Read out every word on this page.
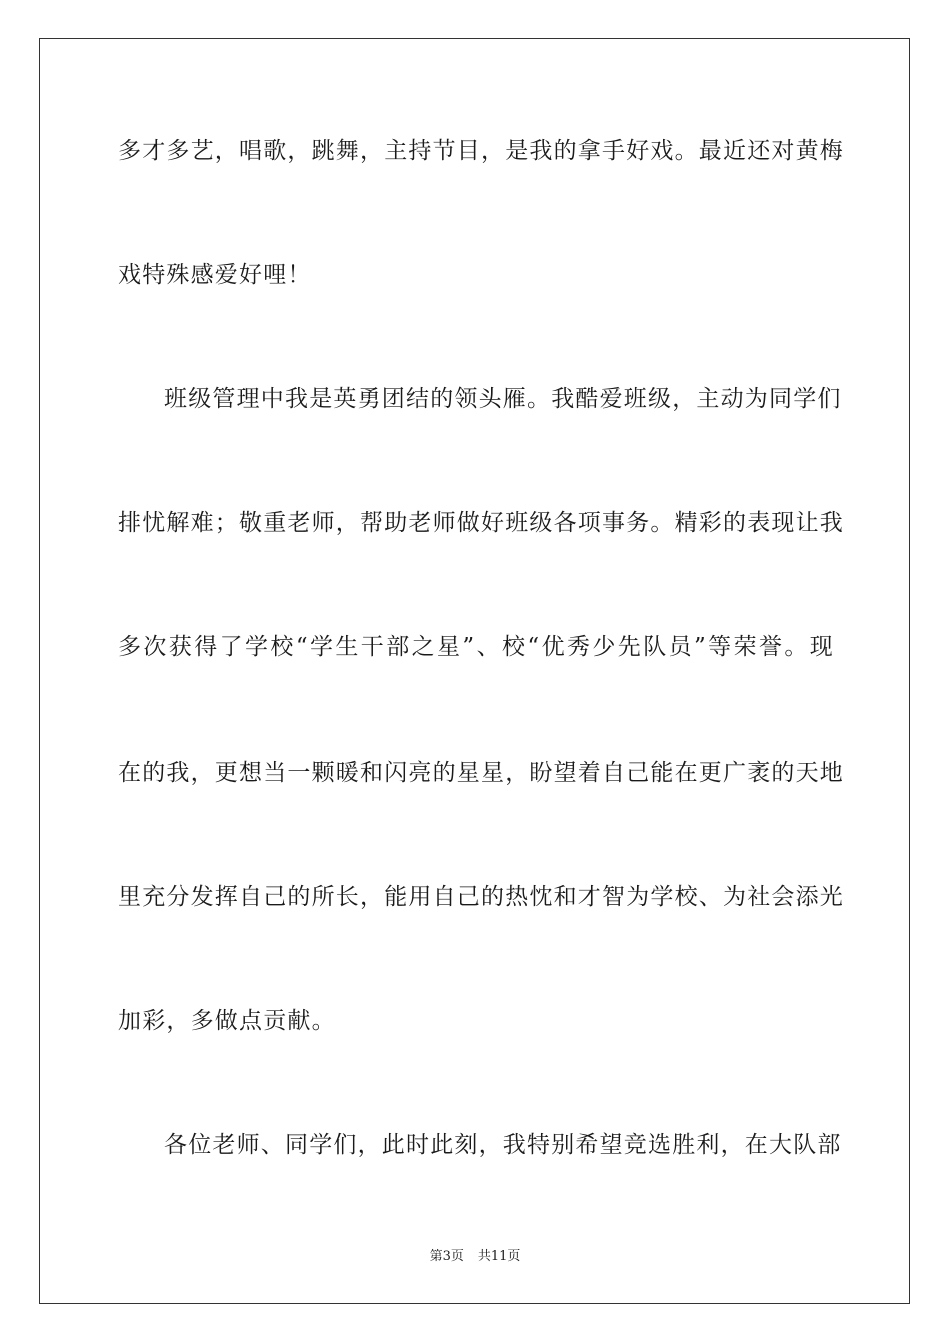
多才多艺，唱歌，跳舞，主持节目，是我的拿手好戏。最近还对黄梅
戏特殊感爱好哩！
班级管理中我是英勇团结的领头雁。我酷爱班级，主动为同学们
排忧解难；敬重老师，帮助老师做好班级各项事务。精彩的表现让我
多次获得了学校“学生干部之星”、校“优秀少先队员”等荣誉。现
在的我，更想当一颗暖和闪亮的星星，盼望着自己能在更广袤的天地
里充分发挥自己的所长，能用自己的热忱和才智为学校、为社会添光
加彩，多做点贡献。
各位老师、同学们，此时此刻，我特别希望竞选胜利，在大队部
第3页 共11页
